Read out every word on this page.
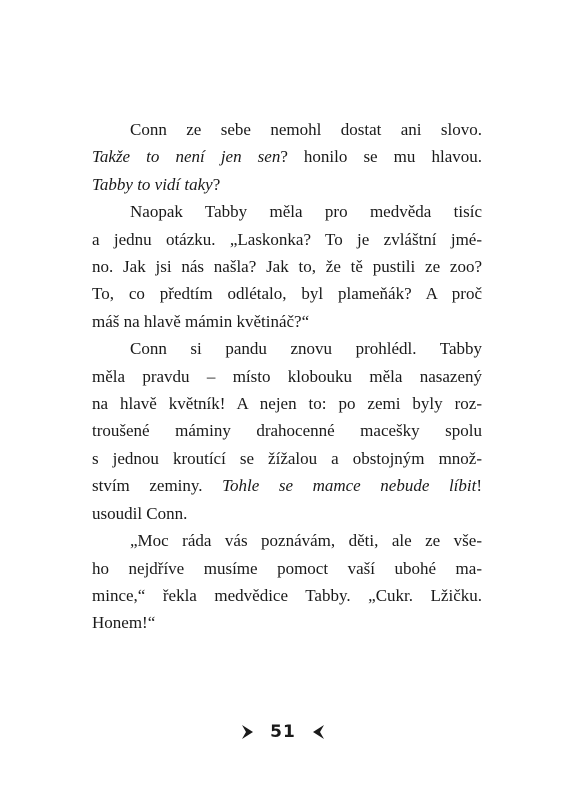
Conn ze sebe nemohl dostat ani slovo.
Takže to není jen sen? honilo se mu hlavou.
Tabby to vidí taky?
Naopak Tabby měla pro medvěda tisíc
a jednu otázku. „Laskonka? To je zvláštní jmé-
no. Jak jsi nás našla? Jak to, že tě pustili ze zoo?
To, co předtím odlétalo, byl plameňák? A proč
máš na hlavě mámin květináč?“
Conn si pandu znovu prohlédl. Tabby
měla pravdu – místo klobouku měla nasazený
na hlavě květník! A nejen to: po zemi byly roz-
troušené máminy drahocenné macešky spolu
s jednou kroutící se žížalou a obstojným množ-
stvím zeminy. Tohle se mamce nebude líbit!
usoudil Conn.
„Moc ráda vás poznávám, děti, ale ze vše-
ho nejdříve musíme pomoct vaší ubohé ma-
mince,“ řekla medvědice Tabby. „Cukr. Lžičku.
Honem!“
51
